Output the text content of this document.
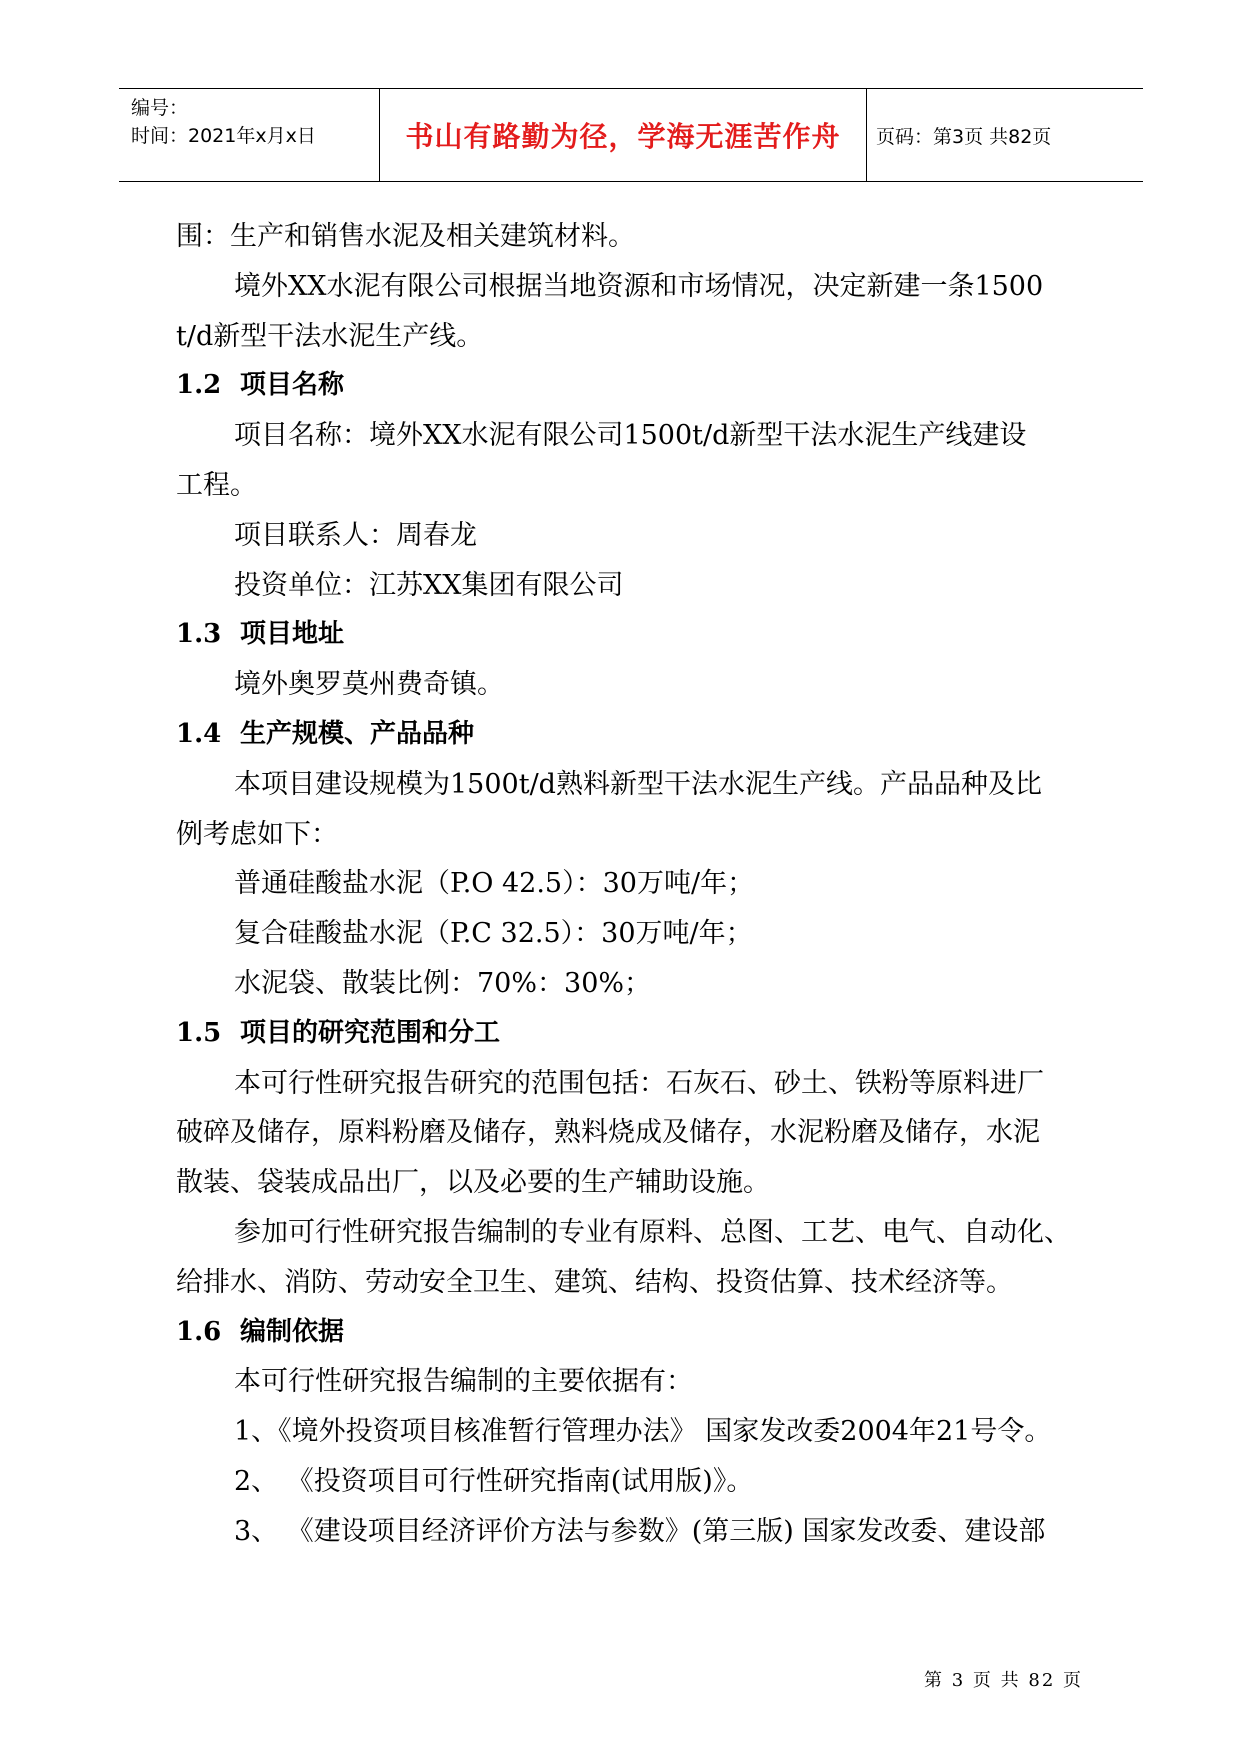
编号：
时间：2021年x月x日	书山有路勤为径，学海无涯苦作舟 页码：第3页 共82页

围：生产和销售水泥及相关建筑材料。

境外XX水泥有限公司根据当地资源和市场情况，决定新建一条1500

t/d新型干法水泥生产线。

1.2 项目名称

项目名称：境外XX水泥有限公司1500t/d新型干法水泥生产线建设

工程。

项目联系人：周春龙

投资单位：江苏XX集团有限公司

1.3 项目地址

境外奥罗莫州费奇镇。

1.4 生产规模、产品品种

本项目建设规模为1500t/d熟料新型干法水泥生产线。产品品种及比

例考虑如下：

普通硅酸盐水泥（P.O 42.5）：30万吨/年；

复合硅酸盐水泥（P.C 32.5）：30万吨/年；

水泥袋、散装比例：70%：30%；

1.5 项目的研究范围和分工

本可行性研究报告研究的范围包括：石灰石、砂土、铁粉等原料进厂

破碎及储存，原料粉磨及储存，熟料烧成及储存，水泥粉磨及储存，水泥

散装、袋装成品出厂，以及必要的生产辅助设施。

参加可行性研究报告编制的专业有原料、总图、工艺、电气、自动化、

给排水、消防、劳动安全卫生、建筑、结构、投资估算、技术经济等。

1.6 编制依据

本可行性研究报告编制的主要依据有：

1、《境外投资项目核准暂行管理办法》 国家发改委2004年21号令。

2、 《投资项目可行性研究指南(试用版)》。

3、 《建设项目经济评价方法与参数》(第三版) 国家发改委、建设部

第 3 页 共 82 页
